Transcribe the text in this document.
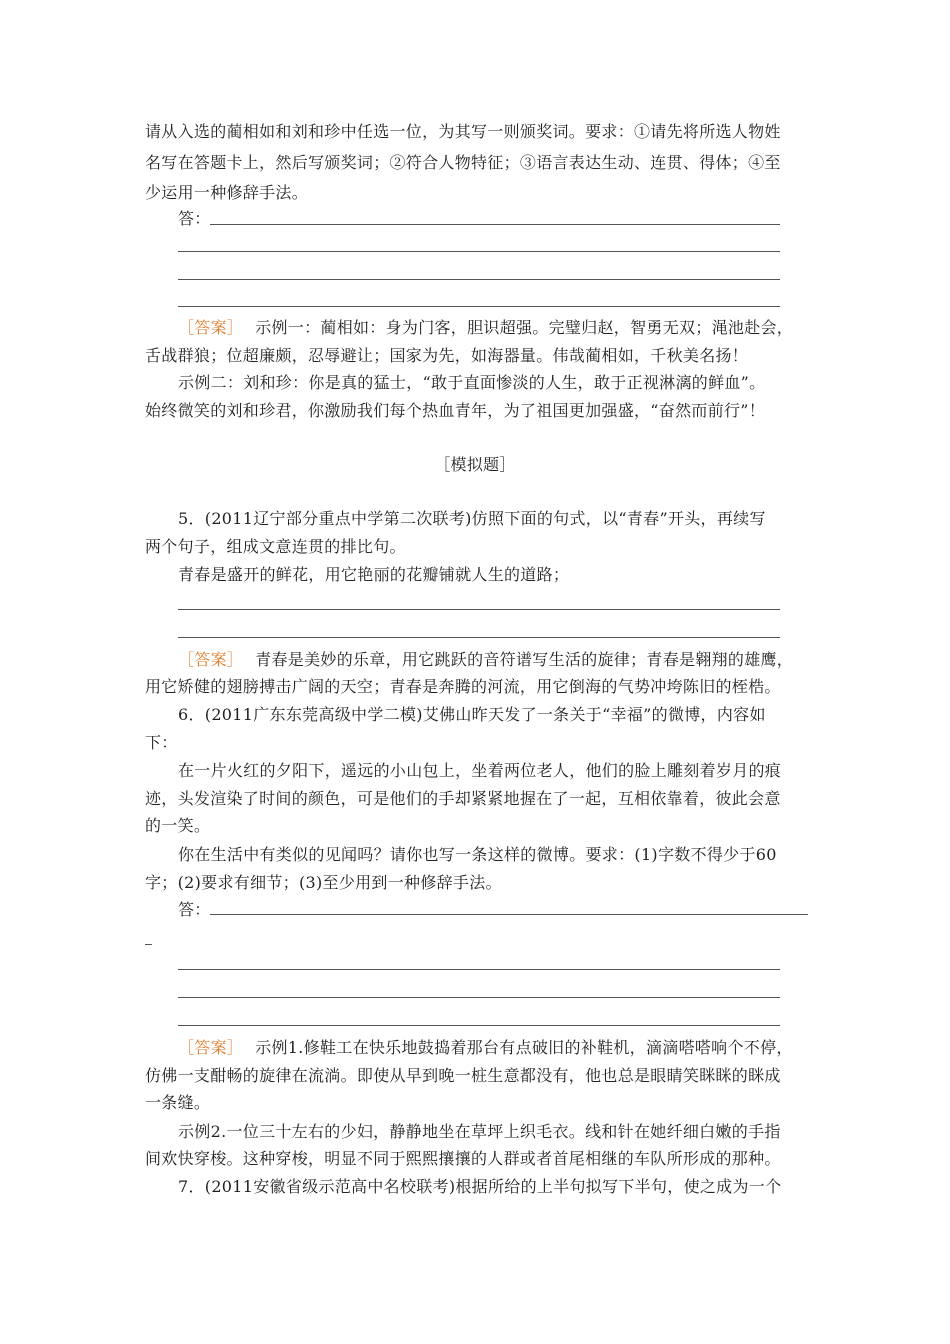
请从入选的蔺相如和刘和珍中任选一位，为其写一则颁奖词。要求：①请先将所选人物姓
名写在答题卡上，然后写颁奖词；②符合人物特征；③语言表达生动、连贯、得体；④至
少运用一种修辞手法。
答：
［答案］ 示例一：蔺相如：身为门客，胆识超强。完璧归赵，智勇无双；渑池赴会，
舌战群狼；位超廉颇，忍辱避让；国家为先，如海器量。伟哉蔺相如，千秋美名扬！
示例二：刘和珍：你是真的猛士，“敢于直面惨淡的人生，敢于正视淋漓的鲜血”。
始终微笑的刘和珍君，你激励我们每个热血青年，为了祖国更加强盛，“奋然而前行”！
［模拟题］
5．(2011辽宁部分重点中学第二次联考)仿照下面的句式，以“青春”开头，再续写
两个句子，组成文意连贯的排比句。
青春是盛开的鲜花，用它艳丽的花瓣铺就人生的道路；
［答案］ 青春是美妙的乐章，用它跳跃的音符谱写生活的旋律；青春是翱翔的雄鹰，
用它矫健的翅膀搏击广阔的天空；青春是奔腾的河流，用它倒海的气势冲垮陈旧的桎梏。
6．(2011广东东莞高级中学二模)艾佛山昨天发了一条关于“幸福”的微博，内容如
下：
在一片火红的夕阳下，遥远的小山包上，坐着两位老人，他们的脸上雕刻着岁月的痕
迹，头发渲染了时间的颜色，可是他们的手却紧紧地握在了一起，互相依靠着，彼此会意
的一笑。
你在生活中有类似的见闻吗？请你也写一条这样的微博。要求：(1)字数不得少于60
字；(2)要求有细节；(3)至少用到一种修辞手法。
答：
［答案］ 示例1.修鞋工在快乐地鼓捣着那台有点破旧的补鞋机，滴滴嗒嗒响个不停，
仿佛一支酣畅的旋律在流淌。即使从早到晚一桩生意都没有，他也总是眼睛笑眯眯的眯成
一条缝。
示例2.一位三十左右的少妇，静静地坐在草坪上织毛衣。线和针在她纤细白嫩的手指
间欢快穿梭。这种穿梭，明显不同于熙熙攘攘的人群或者首尾相继的车队所形成的那种。
7．(2011安徽省级示范高中名校联考)根据所给的上半句拟写下半句，使之成为一个
